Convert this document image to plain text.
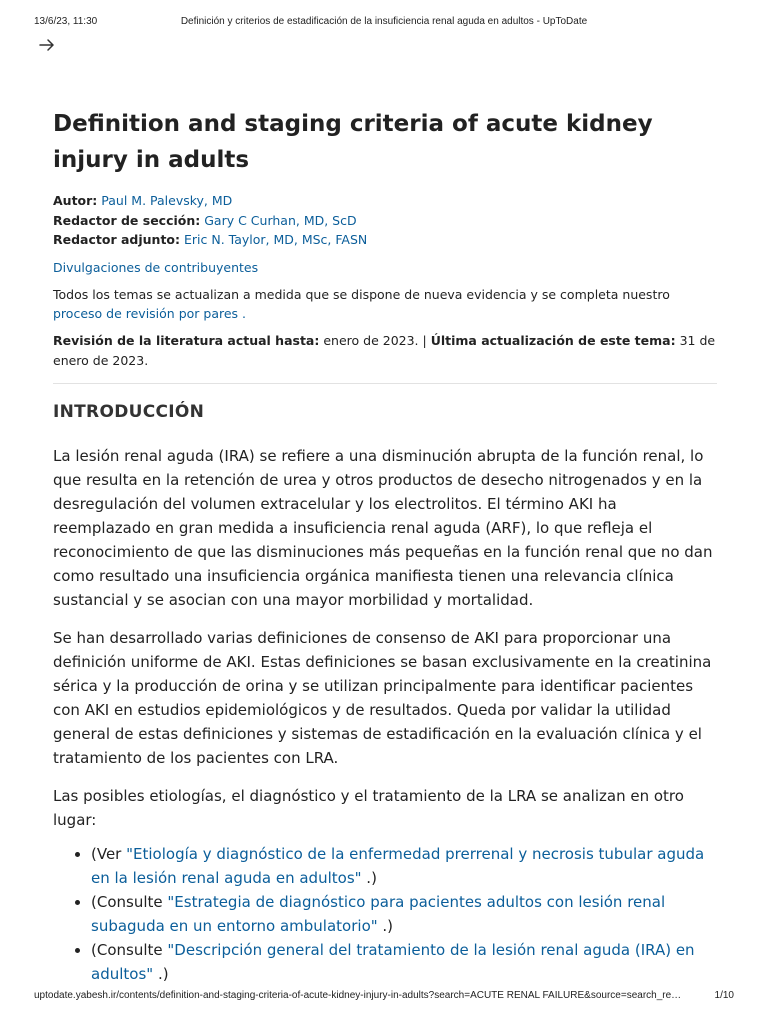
13/6/23, 11:30	Definición y criterios de estadificación de la insuficiencia renal aguda en adultos - UpToDate
Definition and staging criteria of acute kidney injury in adults
Autor: Paul M. Palevsky, MD
Redactor de sección: Gary C Curhan, MD, ScD
Redactor adjunto: Eric N. Taylor, MD, MSc, FASN
Divulgaciones de contribuyentes
Todos los temas se actualizan a medida que se dispone de nueva evidencia y se completa nuestro proceso de revisión por pares .
Revisión de la literatura actual hasta: enero de 2023. | Última actualización de este tema: 31 de enero de 2023.
INTRODUCCIÓN

La lesión renal aguda (IRA) se refiere a una disminución abrupta de la función renal, lo que resulta en la retención de urea y otros productos de desecho nitrogenados y en la desregulación del volumen extracelular y los electrolitos. El término AKI ha reemplazado en gran medida a insuficiencia renal aguda (ARF), lo que refleja el reconocimiento de que las disminuciones más pequeñas en la función renal que no dan como resultado una insuficiencia orgánica manifiesta tienen una relevancia clínica sustancial y se asocian con una mayor morbilidad y mortalidad.

Se han desarrollado varias definiciones de consenso de AKI para proporcionar una definición uniforme de AKI. Estas definiciones se basan exclusivamente en la creatinina sérica y la producción de orina y se utilizan principalmente para identificar pacientes con AKI en estudios epidemiológicos y de resultados. Queda por validar la utilidad general de estas definiciones y sistemas de estadificación en la evaluación clínica y el tratamiento de los pacientes con LRA.

Las posibles etiologías, el diagnóstico y el tratamiento de la LRA se analizan en otro lugar:

• (Ver "Etiología y diagnóstico de la enfermedad prerrenal y necrosis tubular aguda en la lesión renal aguda en adultos" .)
• (Consulte "Estrategia de diagnóstico para pacientes adultos con lesión renal subaguda en un entorno ambulatorio" .)
• (Consulte "Descripción general del tratamiento de la lesión renal aguda (IRA) en adultos" .)
uptodate.yabesh.ir/contents/definition-and-staging-criteria-of-acute-kidney-injury-in-adults?search=ACUTE RENAL FAILURE&source=search_re…	1/10
